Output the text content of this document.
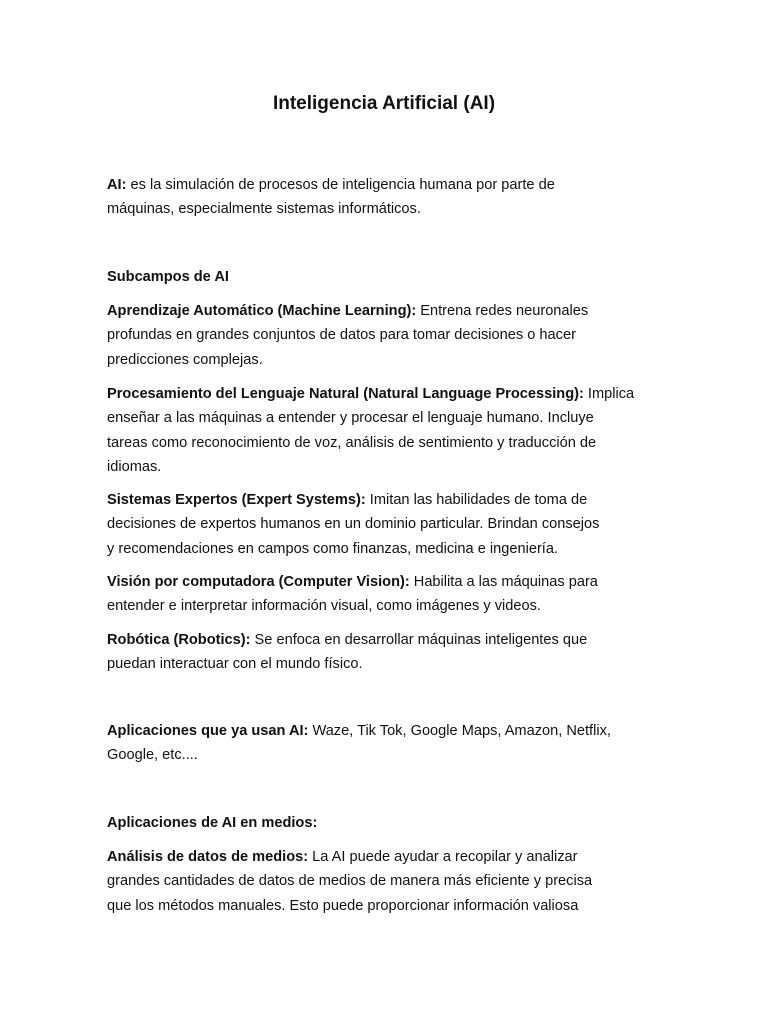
Inteligencia Artificial (AI)
AI: es la simulación de procesos de inteligencia humana por parte de
máquinas, especialmente sistemas informáticos.
Subcampos de AI
Aprendizaje Automático (Machine Learning): Entrena redes neuronales
profundas en grandes conjuntos de datos para tomar decisiones o hacer
predicciones complejas.
Procesamiento del Lenguaje Natural (Natural Language Processing): Implica
enseñar a las máquinas a entender y procesar el lenguaje humano. Incluye
tareas como reconocimiento de voz, análisis de sentimiento y traducción de
idiomas.
Sistemas Expertos (Expert Systems): Imitan las habilidades de toma de
decisiones de expertos humanos en un dominio particular. Brindan consejos
y recomendaciones en campos como finanzas, medicina e ingeniería.
Visión por computadora (Computer Vision): Habilita a las máquinas para
entender e interpretar información visual, como imágenes y videos.
Robótica (Robotics): Se enfoca en desarrollar máquinas inteligentes que
puedan interactuar con el mundo físico.
Aplicaciones que ya usan AI: Waze, Tik Tok, Google Maps, Amazon, Netflix,
Google, etc....
Aplicaciones de AI en medios:
Análisis de datos de medios: La AI puede ayudar a recopilar y analizar
grandes cantidades de datos de medios de manera más eficiente y precisa
que los métodos manuales. Esto puede proporcionar información valiosa
